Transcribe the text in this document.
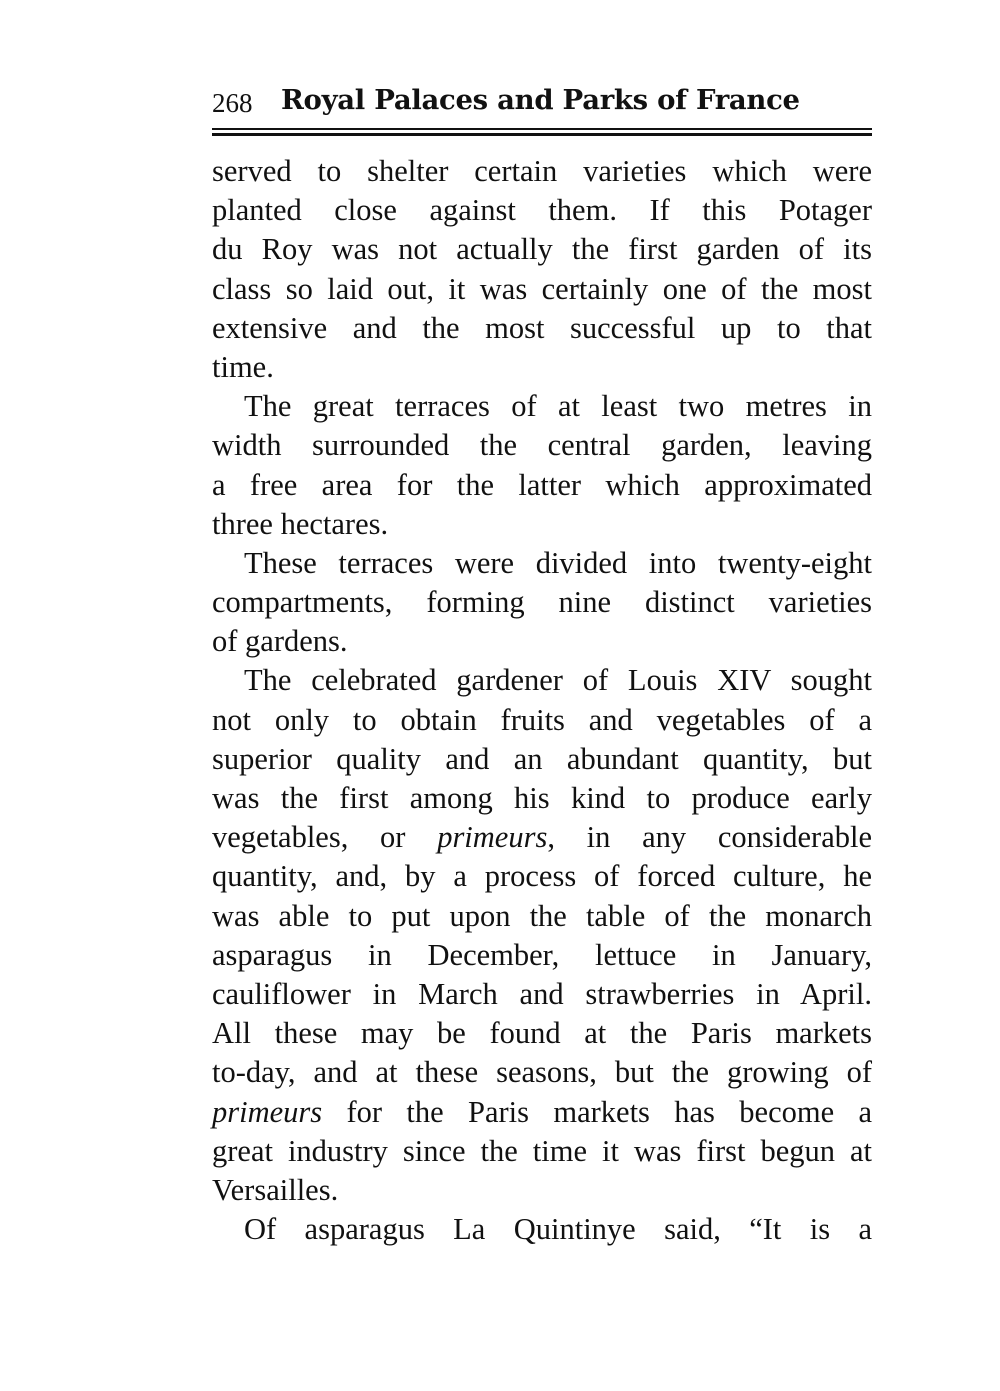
268 Royal Palaces and Parks of France
served to shelter certain varieties which were
planted close against them. If this Potager
du Roy was not actually the first garden of its
class so laid out, it was certainly one of the most
extensive and the most successful up to that
time.
The great terraces of at least two metres in
width surrounded the central garden, leaving
a free area for the latter which approximated
three hectares.
These terraces were divided into twenty-eight
compartments, forming nine distinct varieties
of gardens.
The celebrated gardener of Louis XIV sought
not only to obtain fruits and vegetables of a
superior quality and an abundant quantity, but
was the first among his kind to produce early
vegetables, or primeurs, in any considerable
quantity, and, by a process of forced culture, he
was able to put upon the table of the monarch
asparagus in December, lettuce in January,
cauliflower in March and strawberries in April.
All these may be found at the Paris markets
to-day, and at these seasons, but the growing of
primeurs for the Paris markets has become a
great industry since the time it was first begun at
Versailles.
Of asparagus La Quintinye said, “It is a
